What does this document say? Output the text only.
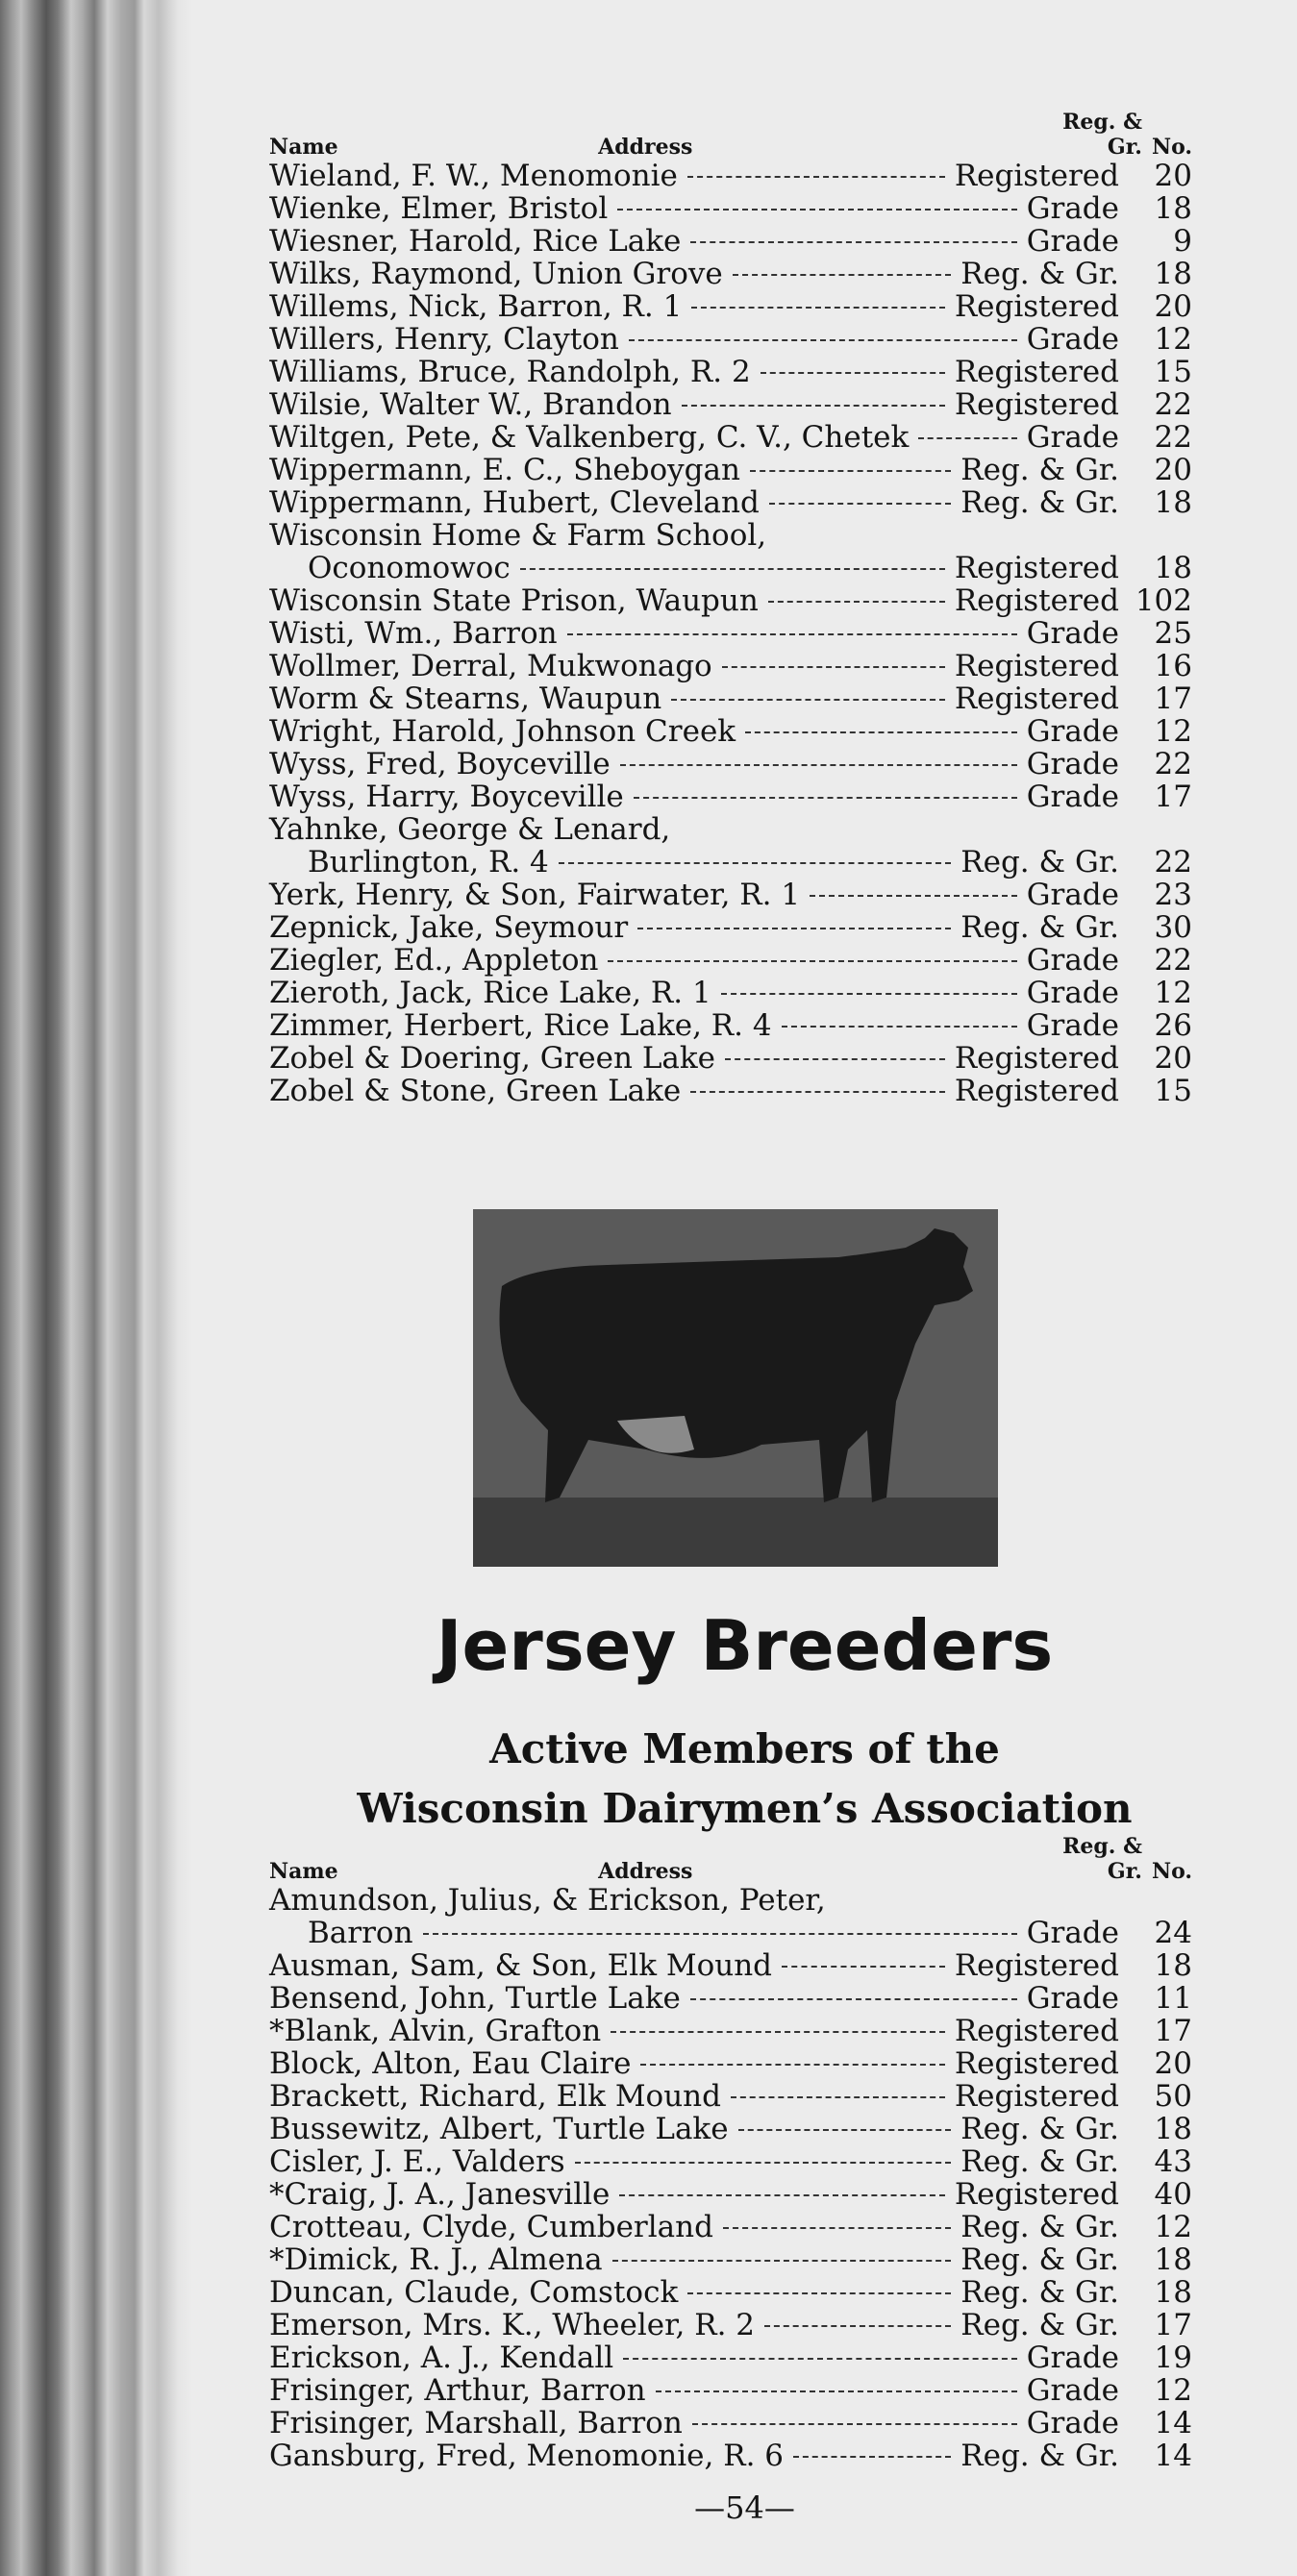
Name	Address
Reg. & Gr. No.
Wieland, F. W., Menomonie	Registered	20
Wienke, Elmer, Bristol	Grade	18
Wiesner, Harold, Rice Lake	Grade	9
Wilks, Raymond, Union Grove	Reg. & Gr.	18
Willems, Nick, Barron, R. 1	Registered	20
Willers, Henry, Clayton	Grade	12
Williams, Bruce, Randolph, R. 2	Registered	15
Wilsie, Walter W., Brandon	Registered	22
Wiltgen, Pete, & Valkenberg, C. V., Chetek	Grade	22
Wippermann, E. C., Sheboygan	Reg. & Gr.	20
Wippermann, Hubert, Cleveland	Reg. & Gr.	18
Wisconsin Home & Farm School,
Oconomowoc	Registered	18
Wisconsin State Prison, Waupun	Registered 102
Wisti, Wm., Barron	Grade	25
Wollmer, Derral, Mukwonago	Registered	16
Worm & Stearns, Waupun	Registered	17
Wright, Harold, Johnson Creek	Grade	12
Wyss, Fred, Boyceville	Grade	22
Wyss, Harry, Boyceville	Grade	17
Yahnke, George & Lenard,
Burlington, R. 4	Reg. & Gr.	22
Yerk, Henry, & Son, Fairwater, R. 1	Grade	23
Zepnick, Jake, Seymour	Reg. & Gr.	30
Ziegler, Ed., Appleton	Grade	22
Zieroth, Jack, Rice Lake, R. 1	Grade	12
Zimmer, Herbert, Rice Lake, R. 4	Grade	26
Zobel & Doering, Green Lake	Registered	20
Zobel & Stone, Green Lake	Registered	15
Jersey Breeders
Active Members of the
Wisconsin Dairymen’s Association
Name	Address
Reg. & Gr. No.
Amundson, Julius, & Erickson, Peter,
Barron	Grade	24
Ausman, Sam, & Son, Elk Mound	Registered	18
Bensend, John, Turtle Lake	Grade	11
*Blank, Alvin, Grafton	Registered	17
Block, Alton, Eau Claire	Registered	20
Brackett, Richard, Elk Mound	Registered	50
Bussewitz, Albert, Turtle Lake	Reg. & Gr.	18
Cisler, J. E., Valders	Reg. & Gr.	43
*Craig, J. A., Janesville	Registered	40
Crotteau, Clyde, Cumberland	Reg. & Gr.	12
*Dimick, R. J., Almena	Reg. & Gr.	18
Duncan, Claude, Comstock	Reg. & Gr.	18
Emerson, Mrs. K., Wheeler, R. 2	Reg. & Gr.	17
Erickson, A. J., Kendall	Grade	19
Frisinger, Arthur, Barron	Grade	12
Frisinger, Marshall, Barron	Grade	14
Gansburg, Fred, Menomonie, R. 6	Reg. & Gr.	14
—54—
